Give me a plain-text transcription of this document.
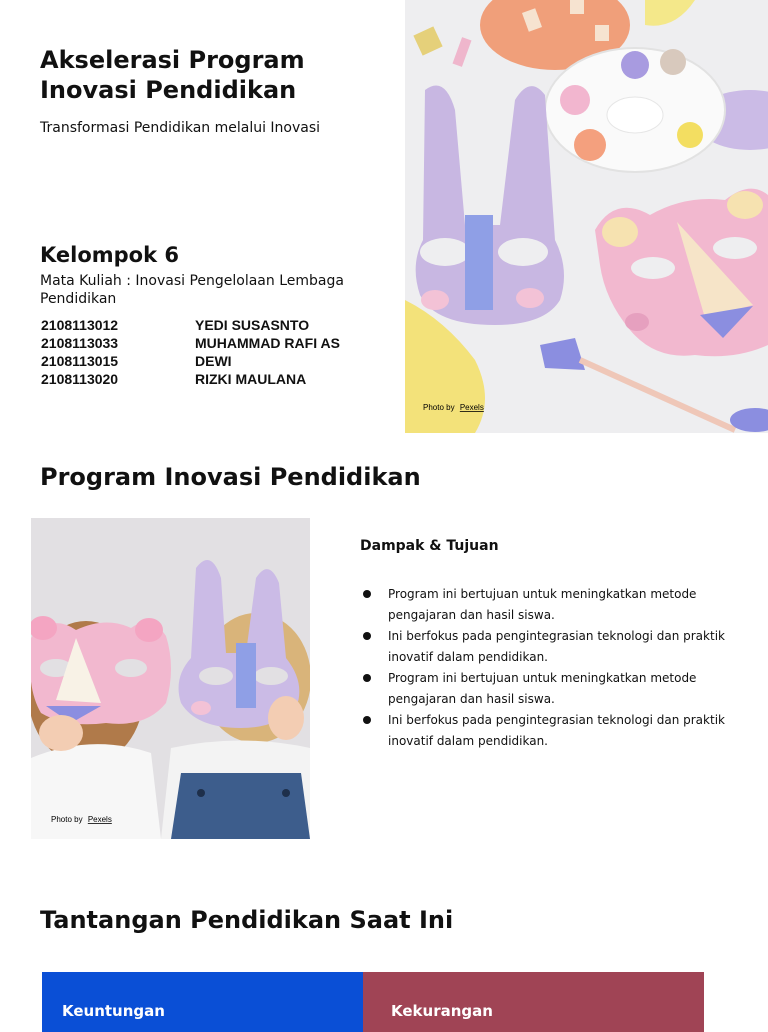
Akselerasi Program
Inovasi Pendidikan
Transformasi Pendidikan melalui Inovasi
Kelompok 6
Mata Kuliah : Inovasi Pengelolaan Lembaga Pendidikan
2108113012	YEDI SUSASNTO
2108113033	MUHAMMAD RAFI AS
2108113015	DEWI
2108113020	RIZKI MAULANA
Photo by Pexels
Program Inovasi Pendidikan
Photo by Pexels
Dampak & Tujuan
Program ini bertujuan untuk meningkatkan metode pengajaran dan hasil siswa.
Ini berfokus pada pengintegrasian teknologi dan praktik inovatif dalam pendidikan.
Program ini bertujuan untuk meningkatkan metode pengajaran dan hasil siswa.
Ini berfokus pada pengintegrasian teknologi dan praktik inovatif dalam pendidikan.
Tantangan Pendidikan Saat Ini
Keuntungan	Kekurangan
